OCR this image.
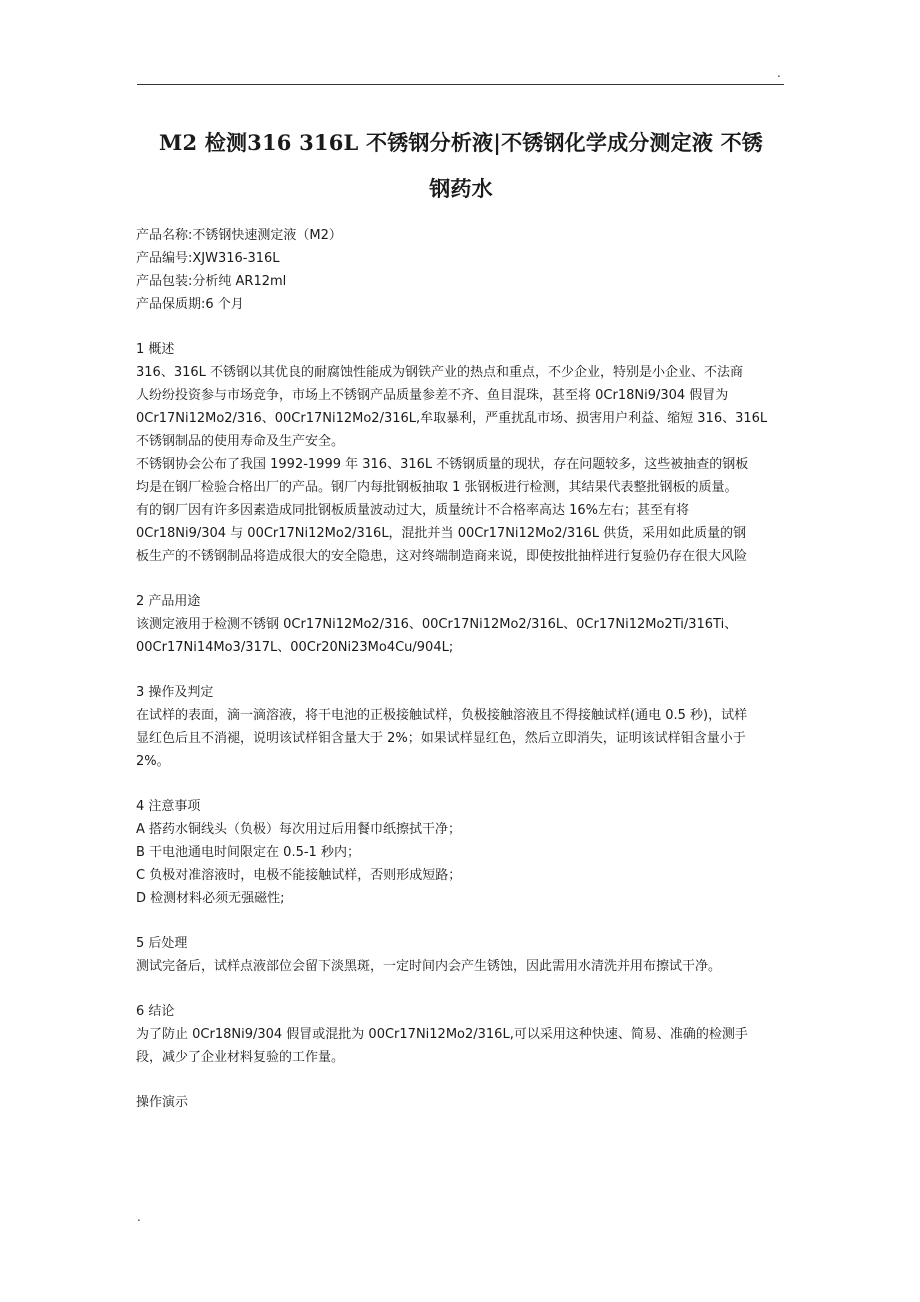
.
M2 检测316 316L 不锈钢分析液|不锈钢化学成分测定液 不锈
钢药水

产品名称:不锈钢快速测定液（M2）

产品编号:XJW316-316L

产品包装:分析纯 AR12ml

产品保质期:6 个月

1 概述

316、316L 不锈钢以其优良的耐腐蚀性能成为钢铁产业的热点和重点，不少企业，特别是小企业、不法商

人纷纷投资参与市场竞争，市场上不锈钢产品质量参差不齐、鱼目混珠，甚至将 0Cr18Ni9/304 假冒为

0Cr17Ni12Mo2/316、00Cr17Ni12Mo2/316L,牟取暴利，严重扰乱市场、损害用户利益、缩短 316、316L

不锈钢制品的使用寿命及生产安全。

不锈钢协会公布了我国 1992-1999 年 316、316L 不锈钢质量的现状，存在问题较多，这些被抽查的钢板

均是在钢厂检验合格出厂的产品。钢厂内每批钢板抽取 1 张钢板进行检测，其结果代表整批钢板的质量。

有的钢厂因有许多因素造成同批钢板质量波动过大，质量统计不合格率高达 16%左右；甚至有将

0Cr18Ni9/304 与 00Cr17Ni12Mo2/316L，混批并当 00Cr17Ni12Mo2/316L 供货，采用如此质量的钢

板生产的不锈钢制品将造成很大的安全隐患，这对终端制造商来说，即使按批抽样进行复验仍存在很大风险

2 产品用途

该测定液用于检测不锈钢 0Cr17Ni12Mo2/316、00Cr17Ni12Mo2/316L、0Cr17Ni12Mo2Ti/316Ti、

00Cr17Ni14Mo3/317L、00Cr20Ni23Mo4Cu/904L;

3 操作及判定

在试样的表面，滴一滴溶液，将干电池的正极接触试样，负极接触溶液且不得接触试样(通电 0.5 秒)，试样

显红色后且不消褪，说明该试样钼含量大于 2%；如果试样显红色，然后立即消失，证明该试样钼含量小于

2%。

4 注意事项

A 搭药水铜线头（负极）每次用过后用餐巾纸擦拭干净；

B 干电池通电时间限定在 0.5-1 秒内；

C 负极对准溶液时，电极不能接触试样，否则形成短路；

D 检测材料必须无强磁性;

5 后处理

测试完备后，试样点液部位会留下淡黑斑，一定时间内会产生锈蚀，因此需用水清洗并用布擦试干净。

6 结论

为了防止 0Cr18Ni9/304 假冒或混批为 00Cr17Ni12Mo2/316L,可以采用这种快速、简易、准确的检测手

段，减少了企业材料复验的工作量。

操作演示

.
